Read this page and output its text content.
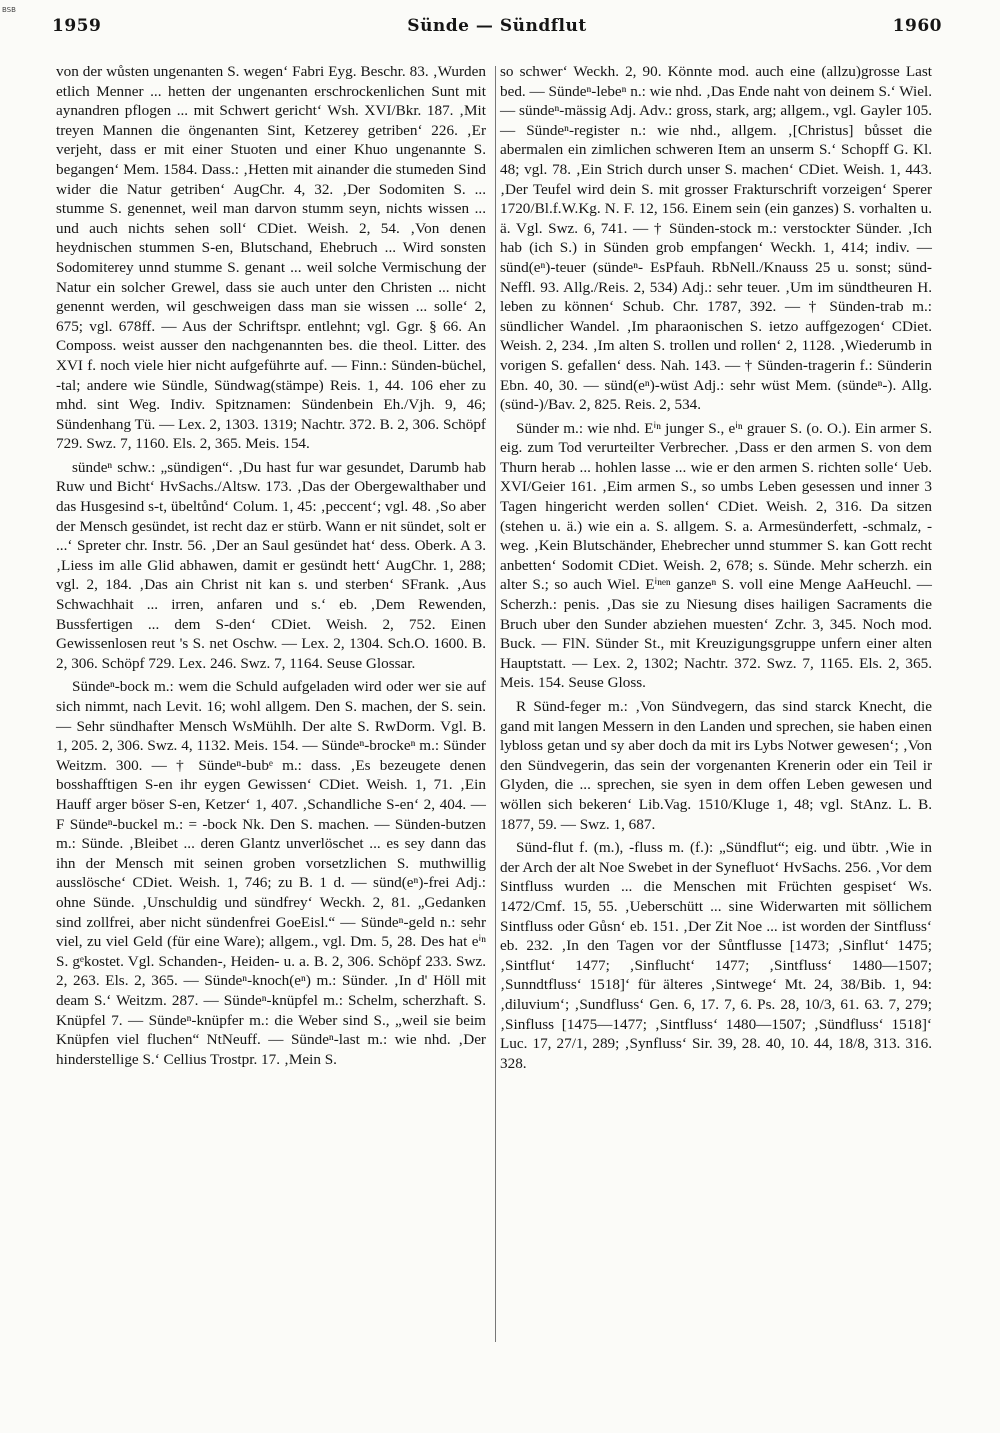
BSB
1959	Sünde — Sündflut	1960

von der wůsten ungenanten S. wegen‘ Fabri Eyg. Beschr. 83. ‚Wurden etlich Menner ... hetten der ungenanten erschrockenlichen Sunt mit aynandren pflogen ... mit Schwert gericht‘ Wsh. XVI/Bkr. 187. ‚Mit treyen Mannen die öngenanten Sint, Ketzerey getriben‘ 226. ‚Er verjeht, dass er mit einer Stuoten und einer Khuo ungenannte S. begangen‘ Mem. 1584. Dass.: ‚Hetten mit ainander die stumeden Sind wider die Natur getriben‘ AugChr. 4, 32. ‚Der Sodomiten S. ... stumme S. genennet, weil man darvon stumm seyn, nichts wissen ... und auch nichts sehen soll‘ CDiet. Weish. 2, 54. ‚Von denen heydnischen stummen S-en, Blutschand, Ehebruch ... Wird sonsten Sodomiterey unnd stumme S. genant ... weil solche Vermischung der Natur ein solcher Grewel, dass sie auch unter den Christen ... nicht genennt werden, wil geschweigen dass man sie wissen ... solle‘ 2, 675; vgl. 678ff. — Aus der Schriftspr. entlehnt; vgl. Ggr. § 66. An Composs. weist ausser den nachgenannten bes. die theol. Litter. des XVI f. noch viele hier nicht aufgeführte auf. — Finn.: Sünden-büchel, -tal; andere wie Sündle, Sündwag(stämpe) Reis. 1, 44. 106 eher zu mhd. sint Weg. Indiv. Spitznamen: Sündenbein Eh./Vjh. 9, 46; Sündenhang Tü. — Lex. 2, 1303. 1319; Nachtr. 372. B. 2, 306. Schöpf 729. Swz. 7, 1160. Els. 2, 365. Meis. 154.

sündeⁿ schw.: „sündigen“. ‚Du hast fur war gesundet, Darumb hab Ruw und Bicht‘ HvSachs./Altsw. 173. ‚Das der Obergewalthaber und das Husgesind s-t, übeltůnd‘ Colum. 1, 45: ‚peccent‘; vgl. 48. ‚So aber der Mensch gesündet, ist recht daz er stürb. Wann er nit sündet, solt er ...‘ Spreter chr. Instr. 56. ‚Der an Saul gesündet hat‘ dess. Oberk. A 3. ‚Liess im alle Glid abhawen, damit er gesündt hett‘ AugChr. 1, 288; vgl. 2, 184. ‚Das ain Christ nit kan s. und sterben‘ SFrank. ‚Aus Schwachhait ... irren, anfaren und s.‘ eb. ‚Dem Rewenden, Bussfertigen ... dem S-den‘ CDiet. Weish. 2, 752. Einen Gewissenlosen reut 's S. net Oschw. — Lex. 2, 1304. Sch.O. 1600. B. 2, 306. Schöpf 729. Lex. 246. Swz. 7, 1164. Seuse Glossar.

Sündeⁿ-bock m.: wem die Schuld aufgeladen wird oder wer sie auf sich nimmt, nach Levit. 16; wohl allgem. Den S. machen, der S. sein. — Sehr sündhafter Mensch WsMühlh. Der alte S. RwDorm. Vgl. B. 1, 205. 2, 306. Swz. 4, 1132. Meis. 154. — Sündeⁿ-brockeⁿ m.: Sünder Weitzm. 300. — † Sündeⁿ-bubᵉ m.: dass. ‚Es bezeugete denen bosshafftigen S-en ihr eygen Gewissen‘ CDiet. Weish. 1, 71. ‚Ein Hauff arger böser S-en, Ketzer‘ 1, 407. ‚Schandliche S-en‘ 2, 404. — F Sündeⁿ-buckel m.: = -bock Nk. Den S. machen. — Sünden-butzen m.: Sünde. ‚Bleibet ... deren Glantz unverlöschet ... es sey dann das ihn der Mensch mit seinen groben vorsetzlichen S. muthwillig ausslösche‘ CDiet. Weish. 1, 746; zu B. 1 d. — sünd(eⁿ)-frei Adj.: ohne Sünde. ‚Unschuldig und sündfrey‘ Weckh. 2, 81. „Gedanken sind zollfrei, aber nicht sündenfrei GoeEisl.“ — Sündeⁿ-geld n.: sehr viel, zu viel Geld (für eine Ware); allgem., vgl. Dm. 5, 28. Des hat eⁱⁿ S. gᵉkostet. Vgl. Schanden-, Heiden- u. a. B. 2, 306. Schöpf 233. Swz. 2, 263. Els. 2, 365. — Sündeⁿ-knoch(eⁿ) m.: Sünder. ‚In d' Höll mit deam S.‘ Weitzm. 287. — Sündeⁿ-knüpfel m.: Schelm, scherzhaft. S. Knüpfel 7. — Sündeⁿ-knüpfer m.: die Weber sind S., „weil sie beim Knüpfen viel fluchen“ NtNeuff. — Sündeⁿ-last m.: wie nhd. ‚Der hinderstellige S.‘ Cellius Trostpr. 17. ‚Mein S.

so schwer‘ Weckh. 2, 90. Könnte mod. auch eine (allzu)grosse Last bed. — Sündeⁿ-lebeⁿ n.: wie nhd. ‚Das Ende naht von deinem S.‘ Wiel. — sündeⁿ-mässig Adj. Adv.: gross, stark, arg; allgem., vgl. Gayler 105. — Sündeⁿ-register n.: wie nhd., allgem. ‚[Christus] bůsset die abermalen ein zimlichen schweren Item an unserm S.‘ Schopff G. Kl. 48; vgl. 78. ‚Ein Strich durch unser S. machen‘ CDiet. Weish. 1, 443. ‚Der Teufel wird dein S. mit grosser Frakturschrift vorzeigen‘ Sperer 1720/Bl.f.W.Kg. N. F. 12, 156. Einem sein (ein ganzes) S. vorhalten u. ä. Vgl. Swz. 6, 741. — † Sünden-stock m.: verstockter Sünder. ‚Ich hab (ich S.) in Sünden grob empfangen‘ Weckh. 1, 414; indiv. — sünd(eⁿ)-teuer (sündeⁿ- EsPfauh. RbNell./Knauss 25 u. sonst; sünd- Neffl. 93. Allg./Reis. 2, 534) Adj.: sehr teuer. ‚Um im sündtheuren H. leben zu können‘ Schub. Chr. 1787, 392. — † Sünden-trab m.: sündlicher Wandel. ‚Im pharaonischen S. ietzo auffgezogen‘ CDiet. Weish. 2, 234. ‚Im alten S. trollen und rollen‘ 2, 1128. ‚Wiederumb in vorigen S. gefallen‘ dess. Nah. 143. — † Sünden-tragerin f.: Sünderin Ebn. 40, 30. — sünd(eⁿ)-wüst Adj.: sehr wüst Mem. (sündeⁿ-). Allg. (sünd-)/Bav. 2, 825. Reis. 2, 534.

Sünder m.: wie nhd. Eⁱⁿ junger S., eⁱⁿ grauer S. (o. O.). Ein armer S. eig. zum Tod verurteilter Verbrecher. ‚Dass er den armen S. von dem Thurn herab ... hohlen lasse ... wie er den armen S. richten solle‘ Ueb. XVI/Geier 161. ‚Eim armen S., so umbs Leben gesessen und inner 3 Tagen hingericht werden sollen‘ CDiet. Weish. 2, 316. Da sitzen (stehen u. ä.) wie ein a. S. allgem. S. a. Armesünderfett, -schmalz, -weg. ‚Kein Blutschänder, Ehebrecher unnd stummer S. kan Gott recht anbetten‘ Sodomit CDiet. Weish. 2, 678; s. Sünde. Mehr scherzh. ein alter S.; so auch Wiel. Eⁱⁿᵉⁿ ganzeⁿ S. voll eine Menge AaHeuchl. — Scherzh.: penis. ‚Das sie zu Niesung dises hailigen Sacraments die Bruch uber den Sunder abziehen muesten‘ Zchr. 3, 345. Noch mod. Buck. — FlN. Sünder St., mit Kreuzigungsgruppe unfern einer alten Hauptstatt. — Lex. 2, 1302; Nachtr. 372. Swz. 7, 1165. Els. 2, 365. Meis. 154. Seuse Gloss.

R Sünd-feger m.: ‚Von Sündvegern, das sind starck Knecht, die gand mit langen Messern in den Landen und sprechen, sie haben einen lybloss getan und sy aber doch da mit irs Lybs Notwer gewesen‘; ‚Von den Sündvegerin, das sein der vorgenanten Krenerin oder ein Teil ir Glyden, die ... sprechen, sie syen in dem offen Leben gewesen und wöllen sich bekeren‘ Lib.Vag. 1510/Kluge 1, 48; vgl. StAnz. L. B. 1877, 59. — Swz. 1, 687.

Sünd-flut f. (m.), -fluss m. (f.): „Sündflut“; eig. und übtr. ‚Wie in der Arch der alt Noe Swebet in der Synefluot‘ HvSachs. 256. ‚Vor dem Sintfluss wurden ... die Menschen mit Früchten gespiset‘ Ws. 1472/Cmf. 15, 55. ‚Ueberschütt ... sine Widerwarten mit söllichem Sintfluss oder Gůsn‘ eb. 151. ‚Der Zit Noe ... ist worden der Sintfluss‘ eb. 232. ‚In den Tagen vor der Sůntflusse [1473; ‚Sinflut‘ 1475; ‚Sintflut‘ 1477; ‚Sinflucht‘ 1477; ‚Sintfluss‘ 1480—1507; ‚Sunndtfluss‘ 1518]‘ für älteres ‚Sintwege‘ Mt. 24, 38/Bib. 1, 94: ‚diluvium‘; ‚Sundfluss‘ Gen. 6, 17. 7, 6. Ps. 28, 10/3, 61. 63. 7, 279; ‚Sinfluss [1475—1477; ‚Sintfluss‘ 1480—1507; ‚Sündfluss‘ 1518]‘ Luc. 17, 27/1, 289; ‚Synfluss‘ Sir. 39, 28. 40, 10. 44, 18/8, 313. 316. 328.
